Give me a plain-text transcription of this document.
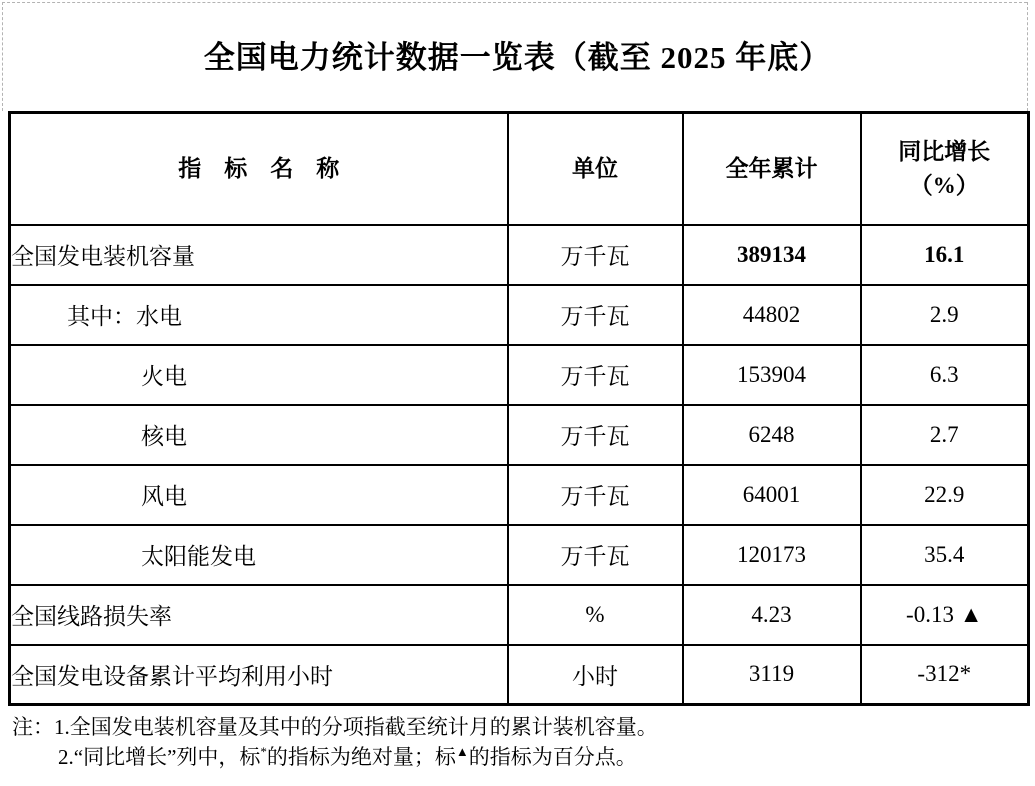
全国电力统计数据一览表（截至 2025 年底）
指　标　名　称	单位	全年累计	同比增长
（%）

全国发电装机容量	万千瓦	389134	16.1
其中：水电	万千瓦	44802	2.9
火电	万千瓦	153904	6.3
核电	万千瓦	6248	2.7
风电	万千瓦	64001	22.9
太阳能发电	万千瓦	120173	35.4
全国线路损失率	%	4.23	-0.13 ▲
全国发电设备累计平均利用小时	小时	3119	-312*
注：1.全国发电装机容量及其中的分项指截至统计月的累计装机容量。
2.“同比增长”列中，标*的指标为绝对量；标▲的指标为百分点。
